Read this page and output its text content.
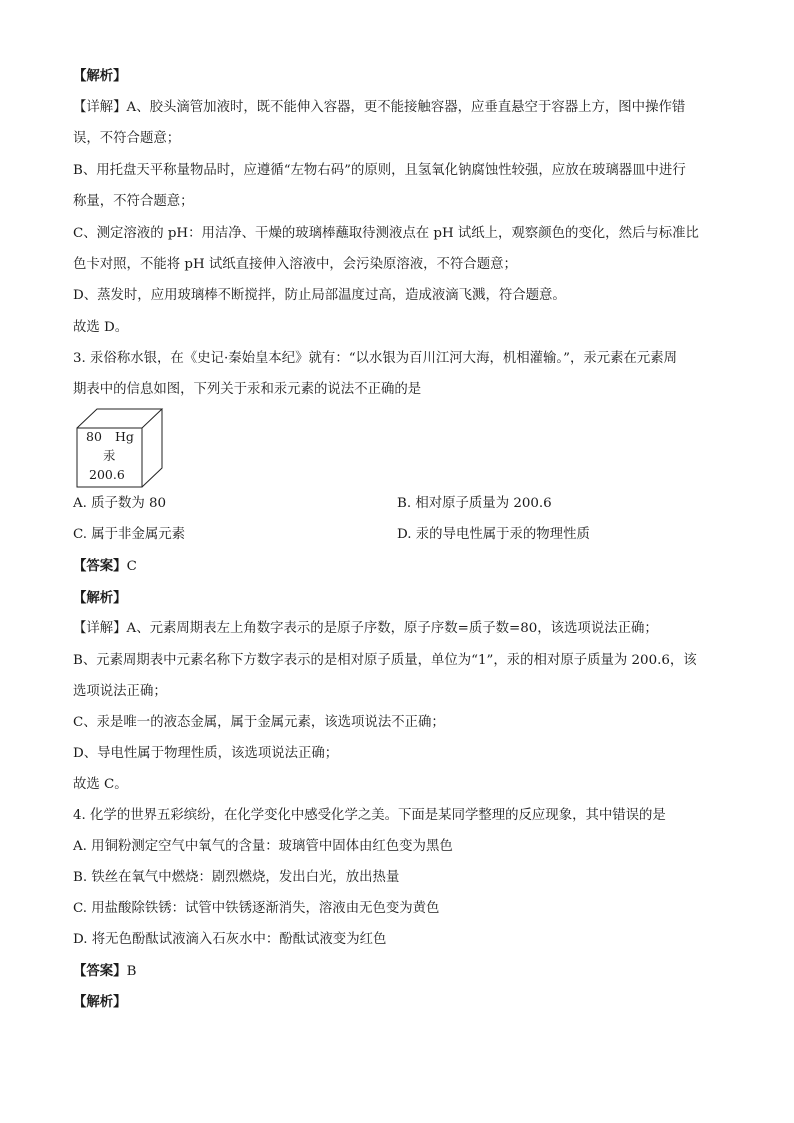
【解析】
【详解】A、胶头滴管加液时，既不能伸入容器，更不能接触容器，应垂直悬空于容器上方，图中操作错
误，不符合题意；
B、用托盘天平称量物品时，应遵循“左物右码”的原则，且氢氧化钠腐蚀性较强，应放在玻璃器皿中进行
称量，不符合题意；
C、测定溶液的 pH：用洁净、干燥的玻璃棒蘸取待测液点在 pH 试纸上，观察颜色的变化，然后与标准比
色卡对照，不能将 pH 试纸直接伸入溶液中，会污染原溶液，不符合题意；
D、蒸发时，应用玻璃棒不断搅拌，防止局部温度过高，造成液滴飞溅，符合题意。
故选 D。
3. 汞俗称水银，在《史记·秦始皇本纪》就有：“以水银为百川江河大海，机相灌输。”，汞元素在元素周
期表中的信息如图，下列关于汞和汞元素的说法不正确的是
80 Hg
汞
200.6
A. 质子数为 80	B. 相对原子质量为 200.6
C. 属于非金属元素	D. 汞的导电性属于汞的物理性质
【答案】C
【解析】
【详解】A、元素周期表左上角数字表示的是原子序数，原子序数=质子数=80，该选项说法正确；
B、元素周期表中元素名称下方数字表示的是相对原子质量，单位为“1”，汞的相对原子质量为 200.6，该
选项说法正确；
C、汞是唯一的液态金属，属于金属元素，该选项说法不正确；
D、导电性属于物理性质，该选项说法正确；
故选 C。
4. 化学的世界五彩缤纷，在化学变化中感受化学之美。下面是某同学整理的反应现象，其中错误的是
A. 用铜粉测定空气中氧气的含量：玻璃管中固体由红色变为黑色
B. 铁丝在氧气中燃烧：剧烈燃烧，发出白光，放出热量
C. 用盐酸除铁锈：试管中铁锈逐渐消失，溶液由无色变为黄色
D. 将无色酚酞试液滴入石灰水中：酚酞试液变为红色
【答案】B
【解析】
